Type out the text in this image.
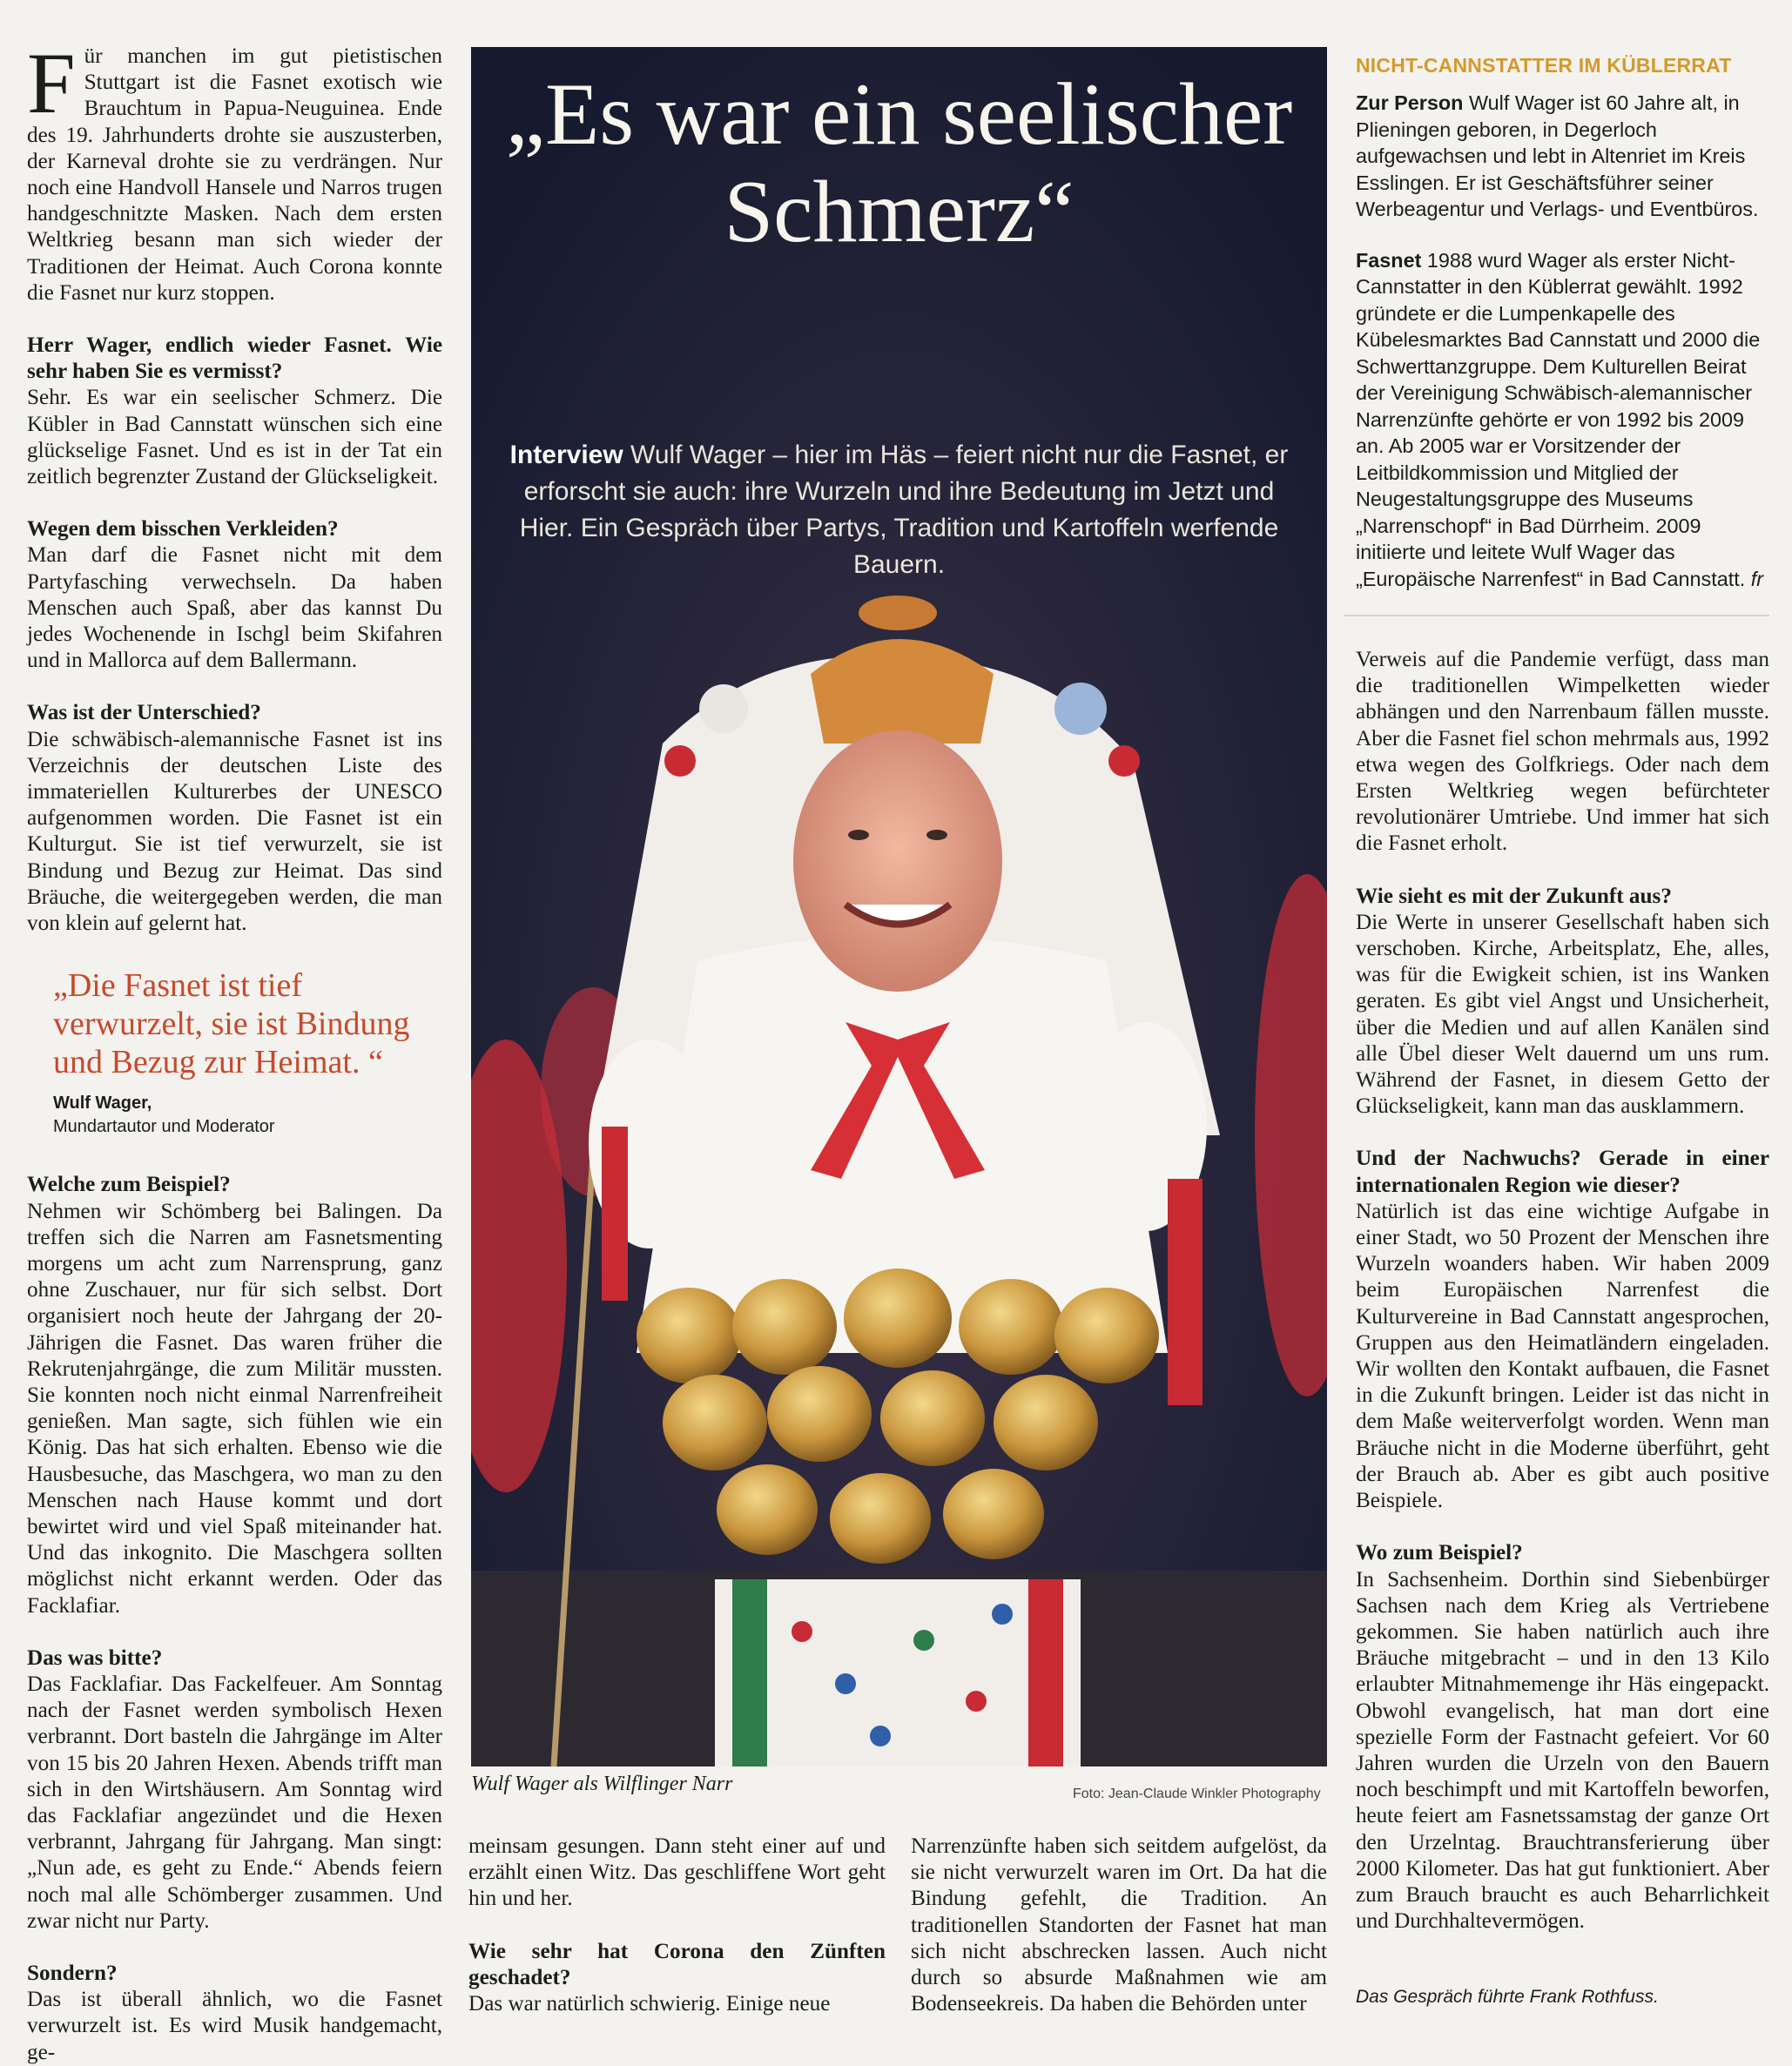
Für manchen im gut pietistischen Stuttgart ist die Fasnet exotisch wie Brauchtum in Papua-Neuguinea. Ende des 19. Jahrhunderts drohte sie auszusterben, der Karneval drohte sie zu verdrängen. Nur noch eine Handvoll Hansele und Narros trugen handgeschnitzte Masken. Nach dem ersten Weltkrieg besann man sich wieder der Traditionen der Heimat. Auch Corona konnte die Fasnet nur kurz stoppen.

Herr Wager, endlich wieder Fasnet. Wie sehr haben Sie es vermisst?

Sehr. Es war ein seelischer Schmerz. Die Kübler in Bad Cannstatt wünschen sich eine glückselige Fasnet. Und es ist in der Tat ein zeitlich begrenzter Zustand der Glückseligkeit.

Wegen dem bisschen Verkleiden?

Man darf die Fasnet nicht mit dem Partyfasching verwechseln. Da haben Menschen auch Spaß, aber das kannst Du jedes Wochenende in Ischgl beim Skifahren und in Mallorca auf dem Ballermann.

Was ist der Unterschied?

Die schwäbisch-alemannische Fasnet ist ins Verzeichnis der deutschen Liste des immateriellen Kulturerbes der UNESCO aufgenommen worden. Die Fasnet ist ein Kulturgut. Sie ist tief verwurzelt, sie ist Bindung und Bezug zur Heimat. Das sind Bräuche, die weitergegeben werden, die man von klein auf gelernt hat.

„Die Fasnet ist tief verwurzelt, sie ist Bindung und Bezug zur Heimat. “

Wulf Wager,

Mundartautor und Moderator

Welche zum Beispiel?

Nehmen wir Schömberg bei Balingen. Da treffen sich die Narren am Fasnetsmenting morgens um acht zum Narrensprung, ganz ohne Zuschauer, nur für sich selbst. Dort organisiert noch heute der Jahrgang der 20-Jährigen die Fasnet. Das waren früher die Rekrutenjahrgänge, die zum Militär mussten. Sie konnten noch nicht einmal Narrenfreiheit genießen. Man sagte, sich fühlen wie ein König. Das hat sich erhalten. Ebenso wie die Hausbesuche, das Maschgera, wo man zu den Menschen nach Hause kommt und dort bewirtet wird und viel Spaß miteinander hat. Und das inkognito. Die Maschgera sollten möglichst nicht erkannt werden. Oder das Facklafiar.

Das was bitte?

Das Facklafiar. Das Fackelfeuer. Am Sonntag nach der Fasnet werden symbolisch Hexen verbrannt. Dort basteln die Jahrgänge im Alter von 15 bis 20 Jahren Hexen. Abends trifft man sich in den Wirtshäusern. Am Sonntag wird das Facklafiar angezündet und die Hexen verbrannt, Jahrgang für Jahrgang. Man singt: „Nun ade, es geht zu Ende.“ Abends feiern noch mal alle Schömberger zusammen. Und zwar nicht nur Party.

Sondern?

Das ist überall ähnlich, wo die Fasnet verwurzelt ist. Es wird Musik handgemacht, ge-

„Es war ein seelischer Schmerz“

Interview Wulf Wager – hier im Häs – feiert nicht nur die Fasnet, er erforscht sie auch: ihre Wurzeln und ihre Bedeutung im Jetzt und Hier. Ein Gespräch über Partys, Tradition und Kartoffeln werfende Bauern.

Wulf Wager als Wilflinger Narr	Foto: Jean-Claude Winkler Photography

meinsam gesungen. Dann steht einer auf und erzählt einen Witz. Das geschliffene Wort geht hin und her.

Wie sehr hat Corona den Zünften geschadet?

Das war natürlich schwierig. Einige neue

Narrenzünfte haben sich seitdem aufgelöst, da sie nicht verwurzelt waren im Ort. Da hat die Bindung gefehlt, die Tradition. An traditionellen Standorten der Fasnet hat man sich nicht abschrecken lassen. Auch nicht durch so absurde Maßnahmen wie am Bodenseekreis. Da haben die Behörden unter

NICHT-CANNSTATTER IM KÜBLERRAT

Zur Person Wulf Wager ist 60 Jahre alt, in Plieningen geboren, in Degerloch aufgewachsen und lebt in Altenriet im Kreis Esslingen. Er ist Geschäftsführer seiner Werbeagentur und Verlags- und Eventbüros.

Fasnet 1988 wurd Wager als erster Nicht-Cannstatter in den Küblerrat gewählt. 1992 gründete er die Lumpenkapelle des Kübelesmarktes Bad Cannstatt und 2000 die Schwerttanzgruppe. Dem Kulturellen Beirat der Vereinigung Schwäbisch-alemannischer Narrenzünfte gehörte er von 1992 bis 2009 an. Ab 2005 war er Vorsitzender der Leitbildkommission und Mitglied der Neugestaltungsgruppe des Museums „Narrenschopf“ in Bad Dürrheim. 2009 initiierte und leitete Wulf Wager das „Europäische Narrenfest“ in Bad Cannstatt. fr

Verweis auf die Pandemie verfügt, dass man die traditionellen Wimpelketten wieder abhängen und den Narrenbaum fällen musste. Aber die Fasnet fiel schon mehrmals aus, 1992 etwa wegen des Golfkriegs. Oder nach dem Ersten Weltkrieg wegen befürchteter revolutionärer Umtriebe. Und immer hat sich die Fasnet erholt.

Wie sieht es mit der Zukunft aus?

Die Werte in unserer Gesellschaft haben sich verschoben. Kirche, Arbeitsplatz, Ehe, alles, was für die Ewigkeit schien, ist ins Wanken geraten. Es gibt viel Angst und Unsicherheit, über die Medien und auf allen Kanälen sind alle Übel dieser Welt dauernd um uns rum. Während der Fasnet, in diesem Getto der Glückseligkeit, kann man das ausklammern.

Und der Nachwuchs? Gerade in einer internationalen Region wie dieser?

Natürlich ist das eine wichtige Aufgabe in einer Stadt, wo 50 Prozent der Menschen ihre Wurzeln woanders haben. Wir haben 2009 beim Europäischen Narrenfest die Kulturvereine in Bad Cannstatt angesprochen, Gruppen aus den Heimatländern eingeladen. Wir wollten den Kontakt aufbauen, die Fasnet in die Zukunft bringen. Leider ist das nicht in dem Maße weiterverfolgt worden. Wenn man Bräuche nicht in die Moderne überführt, geht der Brauch ab. Aber es gibt auch positive Beispiele.

Wo zum Beispiel?

In Sachsenheim. Dorthin sind Siebenbürger Sachsen nach dem Krieg als Vertriebene gekommen. Sie haben natürlich auch ihre Bräuche mitgebracht – und in den 13 Kilo erlaubter Mitnahmemenge ihr Häs eingepackt. Obwohl evangelisch, hat man dort eine spezielle Form der Fastnacht gefeiert. Vor 60 Jahren wurden die Urzeln von den Bauern noch beschimpft und mit Kartoffeln beworfen, heute feiert am Fasnetssamstag der ganze Ort den Urzelntag. Brauchtransferierung über 2000 Kilometer. Das hat gut funktioniert. Aber zum Brauch braucht es auch Beharrlichkeit und Durchhaltevermögen.

Das Gespräch führte Frank Rothfuss.
